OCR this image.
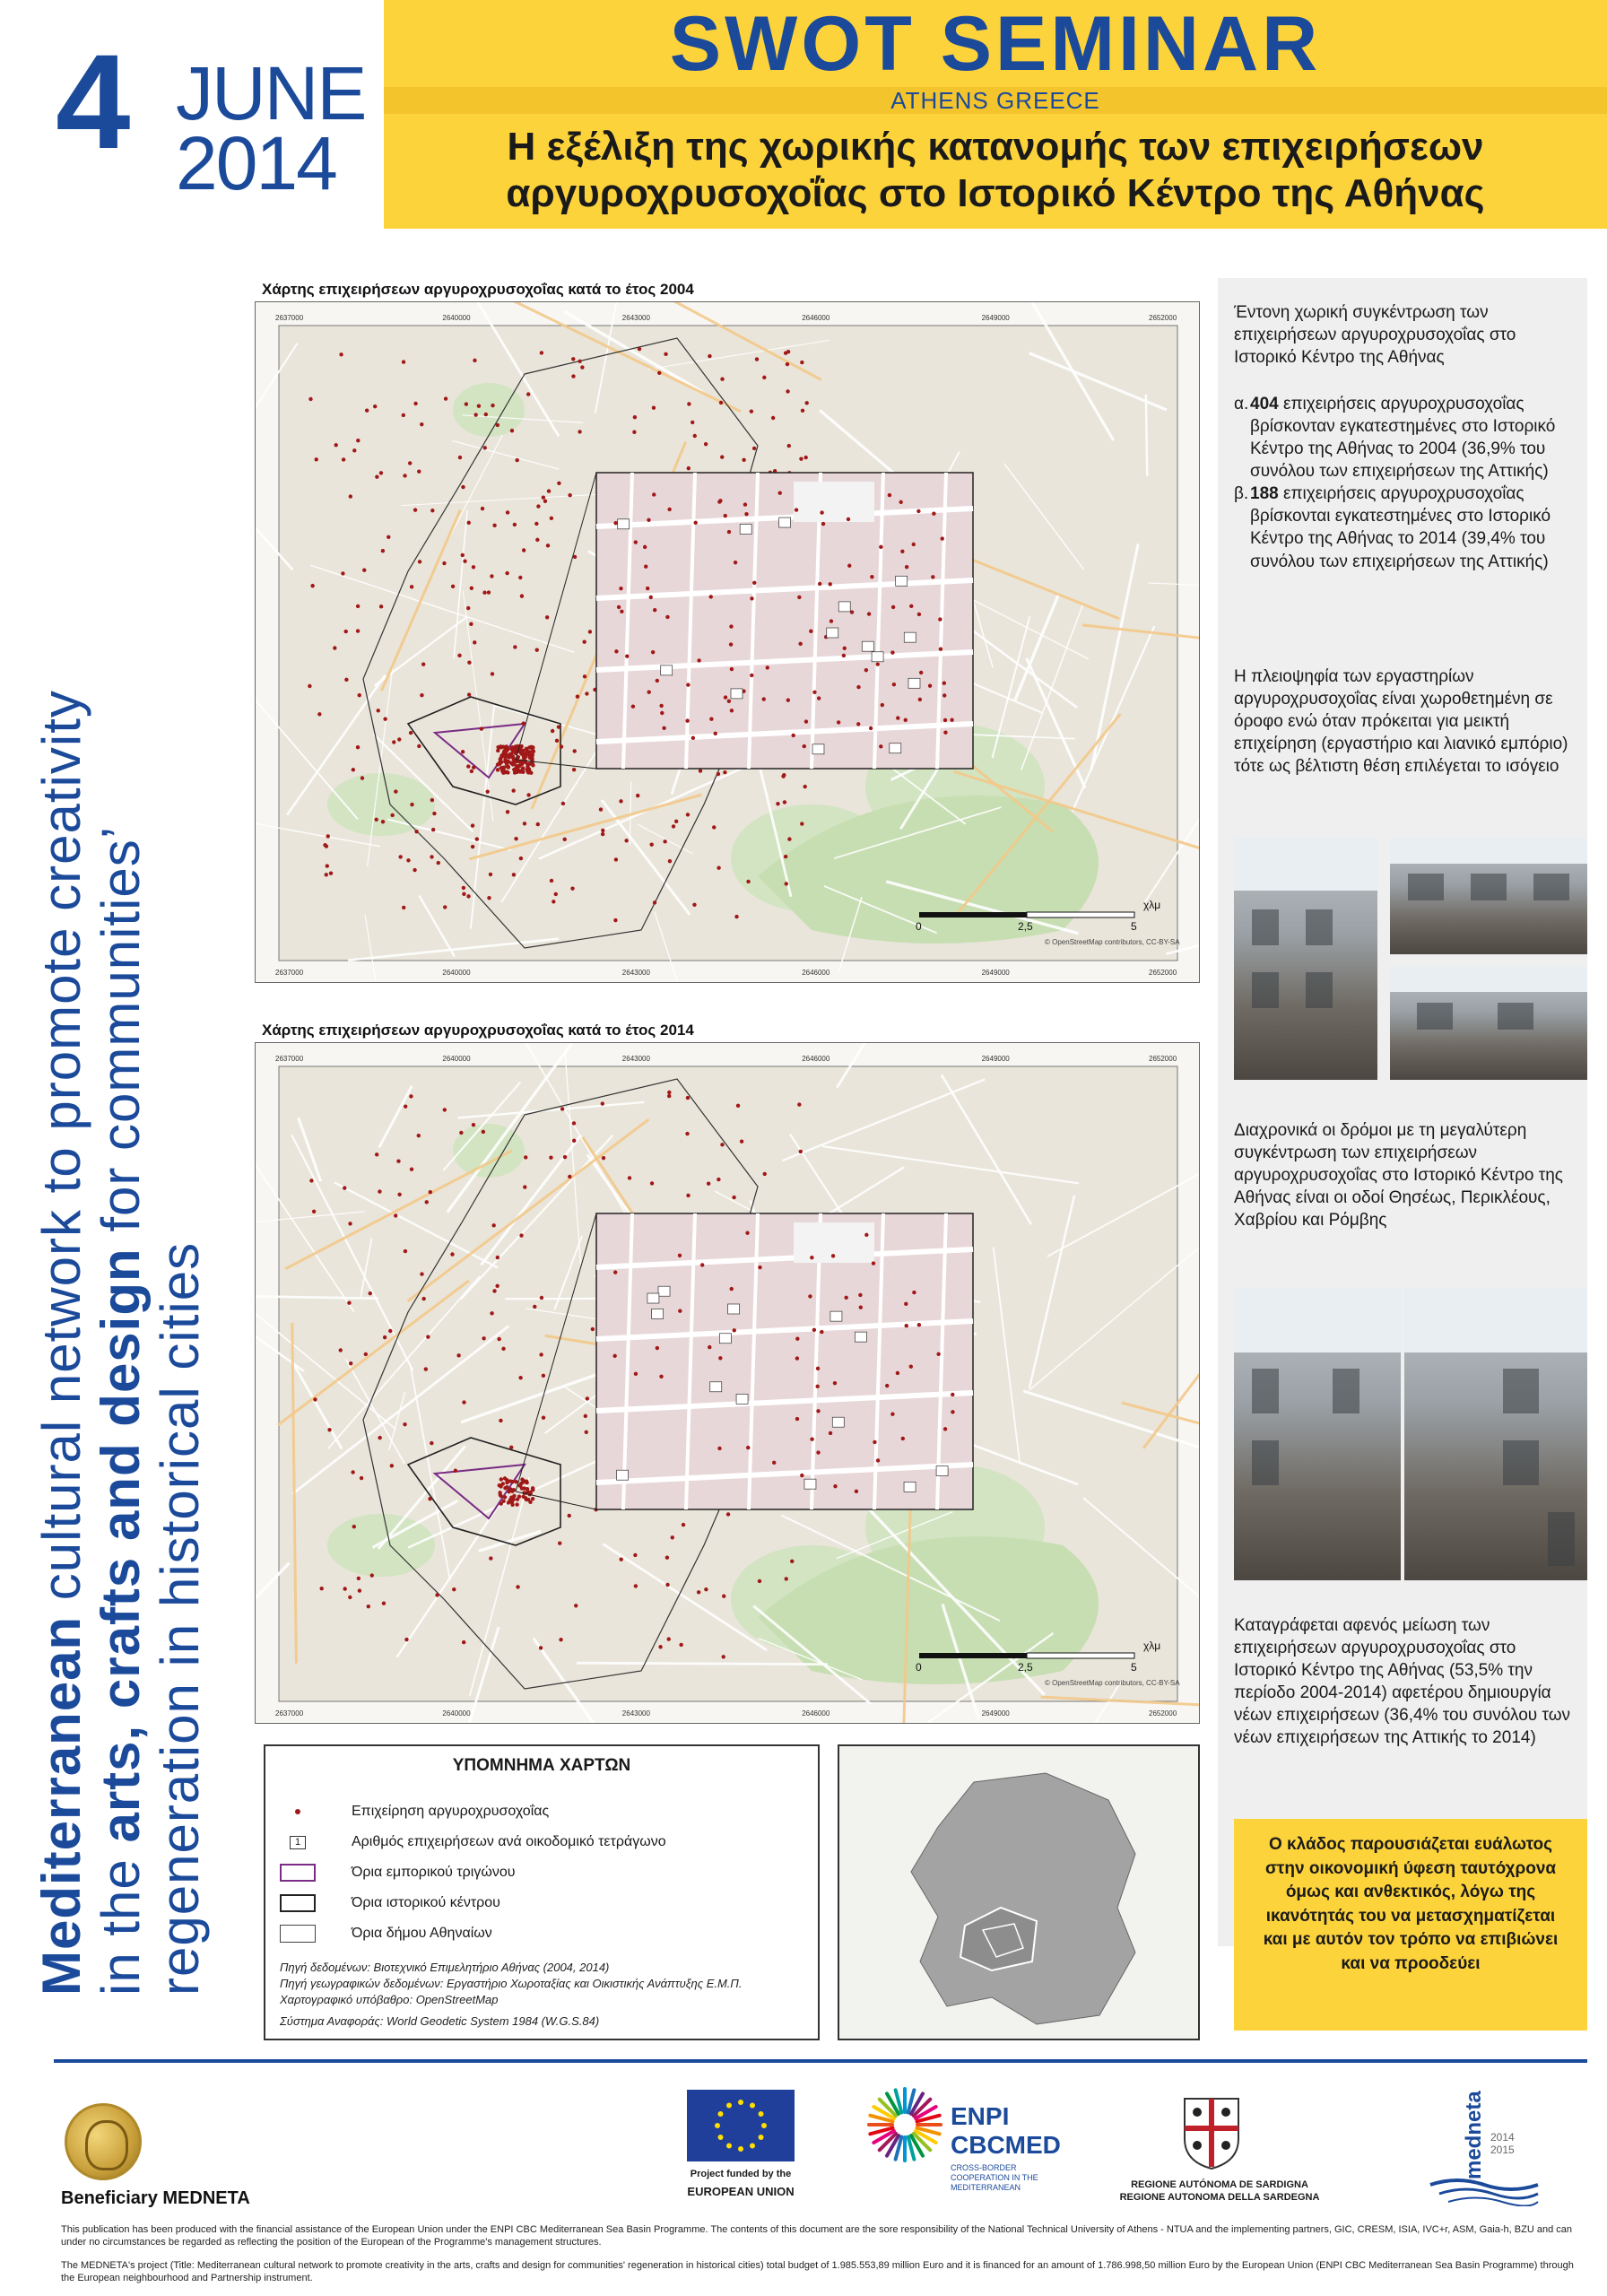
4 JUNE
2014
SWOT SEMINAR
ATHENS GREECE
Η εξέλιξη της χωρικής κατανομής των επιχειρήσεων
αργυροχρυσοχοΐας στο Ιστορικό Κέντρο της Αθήνας
Mediterranean cultural network to promote creativity
in the arts, crafts and design for communities’
regeneration in historical cities
Χάρτης επιχειρήσεων αργυροχρυσοχοΐας κατά το έτος 2004
0	2,5	5
χλμ
© OpenStreetMap contributors, CC-BY-SA
2637000
2637000
2640000
2640000
2643000
2643000
2646000
2646000
2649000
2649000
2652000
2652000
Χάρτης επιχειρήσεων αργυροχρυσοχοΐας κατά το έτος 2014
0	2,5	5
χλμ
© OpenStreetMap contributors, CC-BY-SA
2637000
2637000
2640000
2640000
2643000
2643000
2646000
2646000
2649000
2649000
2652000
2652000
Έντονη χωρική συγκέντρωση των επιχειρήσεων αργυροχρυσοχοΐας στο Ιστορικό Κέντρο της Αθήνας
α. 404 επιχειρήσεις αργυροχρυσοχοΐας βρίσκονταν εγκατεστημένες στο Ιστορικό Κέντρο της Αθήνας το 2004 (36,9% του συνόλου των επιχειρήσεων της Αττικής)
β. 188 επιχειρήσεις αργυροχρυσοχοΐας βρίσκονται εγκατεστημένες στο Ιστορικό Κέντρο της Αθήνας το 2014 (39,4% του συνόλου των επιχειρήσεων της Αττικής)
Η πλειοψηφία των εργαστηρίων αργυροχρυσοχοΐας είναι χωροθετημένη σε όροφο ενώ όταν πρόκειται για μεικτή επιχείρηση (εργαστήριο και λιανικό εμπόριο) τότε ως βέλτιστη θέση επιλέγεται το ισόγειο
Διαχρονικά οι δρόμοι με τη μεγαλύτερη συγκέντρωση των επιχειρήσεων αργυροχρυσοχοΐας στο Ιστορικό Κέντρο της Αθήνας είναι οι οδοί Θησέως, Περικλέους, Χαβρίου και Ρόμβης
Καταγράφεται αφενός μείωση των επιχειρήσεων αργυροχρυσοχοΐας στο Ιστορικό Κέντρο της Αθήνας (53,5% την περίοδο 2004-2014) αφετέρου δημιουργία νέων επιχειρήσεων (36,4% του συνόλου των νέων επιχειρήσεων της Αττικής το 2014)
Ο κλάδος παρουσιάζεται ευάλωτος στην οικονομική ύφεση ταυτόχρονα όμως και ανθεκτικός, λόγω της ικανότητάς του να μετασχηματίζεται και με αυτόν τον τρόπο να επιβιώνει και να προοδεύει
ΥΠΟΜΝΗΜΑ ΧΑΡΤΩΝ
Επιχείρηση αργυροχρυσοχοΐας
1	Αριθμός επιχειρήσεων ανά οικοδομικό τετράγωνο
Όρια εμπορικού τριγώνου
Όρια ιστορικού κέντρου
Όρια δήμου Αθηναίων
Πηγή δεδομένων: Βιοτεχνικό Επιμελητήριο Αθήνας (2004, 2014)
Πηγή γεωγραφικών δεδομένων: Εργαστήριο Χωροταξίας και Οικιστικής Ανάπτυξης Ε.Μ.Π.
Χαρτογραφικό υπόβαθρο: OpenStreetMap
Σύστημα Αναφοράς: World Geodetic System 1984 (W.G.S.84)
Beneficiary MEDNETA
Project funded by the
EUROPEAN UNION
ENPI
CBCMED
CROSS-BORDER COOPERATION IN THE MEDITERRANEAN	REGIONE AUTÓNOMA DE SARDIGNA
REGIONE AUTONOMA DELLA SARDEGNA
medneta 2014 2015
This publication has been produced with the financial assistance of the European Union under the ENPI CBC Mediterranean Sea Basin Programme. The contents of this document are the sore responsibility of the National Technical University of Athens - NTUA and the implementing partners, GIC, CRESM, ISIA, IVC+r, ASM, Gaia-h, BZU and can under no circumstances be regarded as reflecting the position of the European of the Programme's management structures.
The MEDNETA's project (Title: Mediterranean cultural network to promote creativity in the arts, crafts and design for communities' regeneration in historical cities) total budget of 1.985.553,89 million Euro and it is financed for an amount of 1.786.998,50 million Euro by the European Union (ENPI CBC Mediterranean Sea Basin Programme) through the European neighbourhood and Partnership instrument.
